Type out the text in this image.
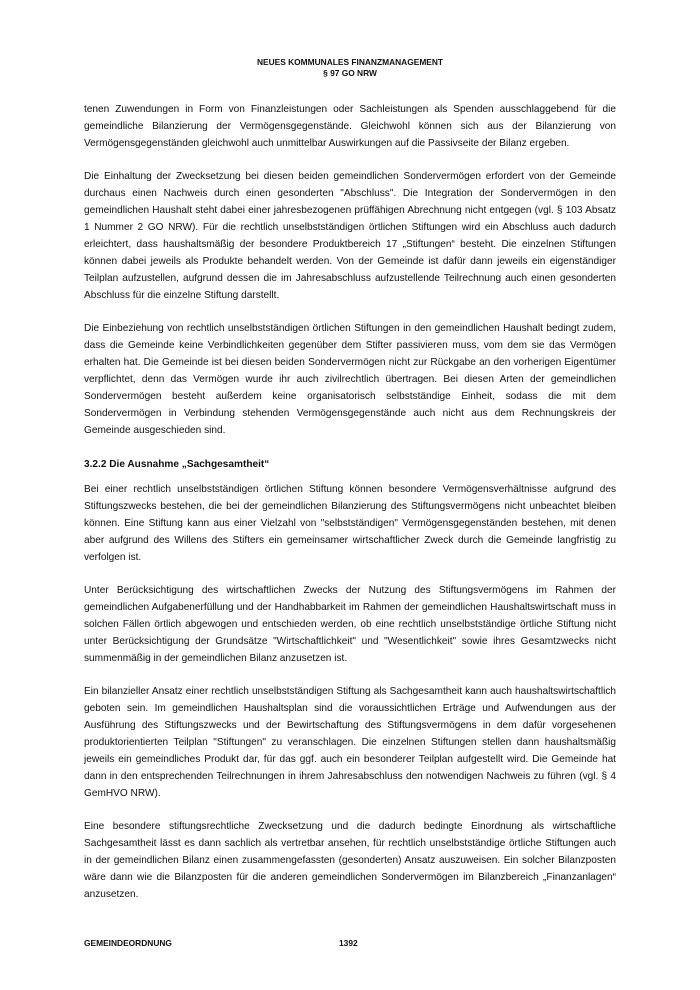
NEUES KOMMUNALES FINANZMANAGEMENT
§ 97 GO NRW

tenen Zuwendungen in Form von Finanzleistungen oder Sachleistungen als Spenden ausschlaggebend für die gemeindliche Bilanzierung der Vermögensgegenstände. Gleichwohl können sich aus der Bilanzierung von Vermögensgegenständen gleichwohl auch unmittelbar Auswirkungen auf die Passivseite der Bilanz ergeben.

Die Einhaltung der Zwecksetzung bei diesen beiden gemeindlichen Sondervermögen erfordert von der Gemeinde durchaus einen Nachweis durch einen gesonderten "Abschluss". Die Integration der Sondervermögen in den gemeindlichen Haushalt steht dabei einer jahresbezogenen prüffähigen Abrechnung nicht entgegen (vgl. § 103 Absatz 1 Nummer 2 GO NRW). Für die rechtlich unselbstständigen örtlichen Stiftungen wird ein Abschluss auch dadurch erleichtert, dass haushaltsmäßig der besondere Produktbereich 17 „Stiftungen“ besteht. Die einzelnen Stiftungen können dabei jeweils als Produkte behandelt werden. Von der Gemeinde ist dafür dann jeweils ein eigenständiger Teilplan aufzustellen, aufgrund dessen die im Jahresabschluss aufzustellende Teilrechnung auch einen gesonderten Abschluss für die einzelne Stiftung darstellt.

Die Einbeziehung von rechtlich unselbstständigen örtlichen Stiftungen in den gemeindlichen Haushalt bedingt zudem, dass die Gemeinde keine Verbindlichkeiten gegenüber dem Stifter passivieren muss, vom dem sie das Vermögen erhalten hat. Die Gemeinde ist bei diesen beiden Sondervermögen nicht zur Rückgabe an den vorherigen Eigentümer verpflichtet, denn das Vermögen wurde ihr auch zivilrechtlich übertragen. Bei diesen Arten der gemeindlichen Sondervermögen besteht außerdem keine organisatorisch selbstständige Einheit, sodass die mit dem Sondervermögen in Verbindung stehenden Vermögensgegenstände auch nicht aus dem Rechnungskreis der Gemeinde ausgeschieden sind.

3.2.2 Die Ausnahme „Sachgesamtheit“

Bei einer rechtlich unselbstständigen örtlichen Stiftung können besondere Vermögensverhältnisse aufgrund des Stiftungszwecks bestehen, die bei der gemeindlichen Bilanzierung des Stiftungsvermögens nicht unbeachtet bleiben können. Eine Stiftung kann aus einer Vielzahl von "selbstständigen" Vermögensgegenständen bestehen, mit denen aber aufgrund des Willens des Stifters ein gemeinsamer wirtschaftlicher Zweck durch die Gemeinde langfristig zu verfolgen ist.

Unter Berücksichtigung des wirtschaftlichen Zwecks der Nutzung des Stiftungsvermögens im Rahmen der gemeindlichen Aufgabenerfüllung und der Handhabbarkeit im Rahmen der gemeindlichen Haushaltswirtschaft muss in solchen Fällen örtlich abgewogen und entschieden werden, ob eine rechtlich unselbstständige örtliche Stiftung nicht unter Berücksichtigung der Grundsätze "Wirtschaftlichkeit" und "Wesentlichkeit" sowie ihres Gesamtzwecks nicht summenmäßig in der gemeindlichen Bilanz anzusetzen ist.

Ein bilanzieller Ansatz einer rechtlich unselbstständigen Stiftung als Sachgesamtheit kann auch haushaltswirtschaftlich geboten sein. Im gemeindlichen Haushaltsplan sind die voraussichtlichen Erträge und Aufwendungen aus der Ausführung des Stiftungszwecks und der Bewirtschaftung des Stiftungsvermögens in dem dafür vorgesehenen produktorientierten Teilplan "Stiftungen" zu veranschlagen. Die einzelnen Stiftungen stellen dann haushaltsmäßig jeweils ein gemeindliches Produkt dar, für das ggf. auch ein besonderer Teilplan aufgestellt wird. Die Gemeinde hat dann in den entsprechenden Teilrechnungen in ihrem Jahresabschluss den notwendigen Nachweis zu führen (vgl. § 4 GemHVO NRW).

Eine besondere stiftungsrechtliche Zwecksetzung und die dadurch bedingte Einordnung als wirtschaftliche Sachgesamtheit lässt es dann sachlich als vertretbar ansehen, für rechtlich unselbstständige örtliche Stiftungen auch in der gemeindlichen Bilanz einen zusammengefassten (gesonderten) Ansatz auszuweisen. Ein solcher Bilanzposten wäre dann wie die Bilanzposten für die anderen gemeindlichen Sondervermögen im Bilanzbereich „Finanzanlagen“ anzusetzen.

GEMEINDEORDNUNG	1392
